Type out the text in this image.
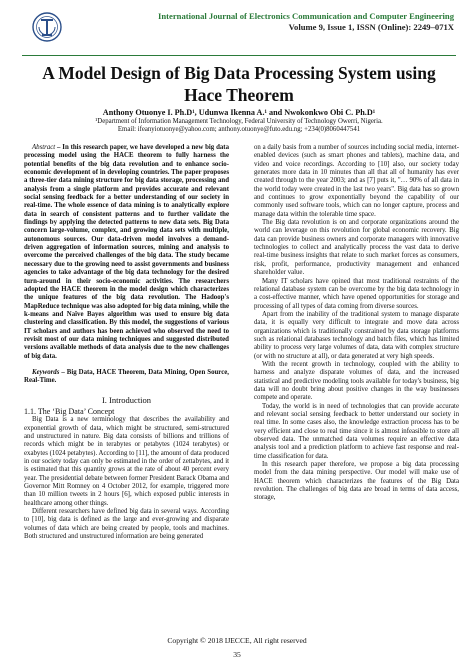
International Journal of Electronics Communication and Computer Engineering
Volume 9, Issue 1, ISSN (Online): 2249–071X
A Model Design of Big Data Processing System using Hace Theorem
Anthony Otuonye I. Ph.D¹, Udunwa Ikenna A.¹ and Nwokonkwo Obi C. Ph.D¹
¹Department of Information Management Technology, Federal University of Technology Owerri, Nigeria.
Email: ifeanyiotuonye@yahoo.com; anthony.otuonye@futo.edu.ng; +234(0)8060447541

Abstract – In this research paper, we have developed a new big data processing model using the HACE theorem to fully harness the potential benefits of the big data revolution and to enhance socio-economic development of in developing countries. The paper proposes a three-tier data mining structure for big data storage, processing and analysis from a single platform and provides accurate and relevant social sensing feedback for a better understanding of our society in real-time. The whole essence of data mining is to analytically explore data in search of consistent patterns and to further validate the findings by applying the detected patterns to new data sets. Big Data concern large-volume, complex, and growing data sets with multiple, autonomous sources. Our data-driven model involves a demand-driven aggregation of information sources, mining and analysis to overcome the perceived challenges of the big data. The study became necessary due to the growing need to assist governments and business agencies to take advantage of the big data technology for the desired turn-around in their socio-economic activities. The researchers adopted the HACE theorem in the model design which characterizes the unique features of the big data revolution. The Hadoop's MapReduce technique was also adopted for big data mining, while the k-means and Naïve Bayes algorithm was used to ensure big data clustering and classification. By this model, the suggestions of various IT scholars and authors has been achieved who observed the need to revisit most of our data mining techniques and suggested distributed versions available methods of data analysis due to the new challenges of big data.

Keywords – Big Data, HACE Theorem, Data Mining, Open Source, Real-Time.

I. Introduction

1.1. The ‘Big Data’ Concept

Big Data is a new terminology that describes the availability and exponential growth of data, which might be structured, semi-structured and unstructured in nature. Big data consists of billions and trillions of records which might be in terabytes or petabytes (1024 terabytes) or exabytes (1024 petabytes). According to [11], the amount of data produced in our society today can only be estimated in the order of zettabytes, and it is estimated that this quantity grows at the rate of about 40 percent every year. The presidential debate between former President Barack Obama and Governor Mitt Romney on 4 October 2012, for example, triggered more than 10 million tweets in 2 hours [6], which exposed public interests in healthcare among other things.

Different researchers have defined big data in several ways. According to [10], big data is defined as the large and ever-growing and disparate volumes of data which are being created by people, tools and machines. Both structured and unstructured information are being generated

on a daily basis from a number of sources including social media, internet-enabled devices (such as smart phones and tablets), machine data, and video and voice recordings. According to [10] also, our society today generates more data in 10 minutes than all that all of humanity has ever created through to the year 2003; and as [7] puts it, "… 90% of all data in the world today were created in the last two years". Big data has so grown and continues to grow exponentially beyond the capability of our commonly used software tools, which can no longer capture, process and manage data within the tolerable time space.

The Big data revolution is on and corporate organizations around the world can leverage on this revolution for global economic recovery. Big data can provide business owners and corporate managers with innovative technologies to collect and analytically process the vast data to derive real-time business insights that relate to such market forces as consumers, risk, profit, performance, productivity management and enhanced shareholder value.

Many IT scholars have opined that most traditional restraints of the relational database system can be overcome by the big data technology in a cost-effective manner, which have opened opportunities for storage and processing of all types of data coming from diverse sources.

Apart from the inability of the traditional system to manage disparate data, it is equally very difficult to integrate and move data across organizations which is traditionally constrained by data storage platforms such as relational databases technology and batch files, which has limited ability to process very large volumes of data, data with complex structure (or with no structure at all), or data generated at very high speeds.

With the recent growth in technology, coupled with the ability to harness and analyze disparate volumes of data, and the increased statistical and predictive modeling tools available for today's business, big data will no doubt bring about positive changes in the way businesses compete and operate.

Today, the world is in need of technologies that can provide accurate and relevant social sensing feedback to better understand our society in real time. In some cases also, the knowledge extraction process has to be very efficient and close to real time since it is almost infeasible to store all observed data. The unmatched data volumes require an effective data analysis tool and a prediction platform to achieve fast response and real-time classification for data.

In this research paper therefore, we propose a big data processing model from the data mining perspective. Our model will make use of HACE theorem which characterizes the features of the Big Data revolution. The challenges of big data are broad in terms of data access, storage,

Copyright © 2018 IJECCE, All right reserved
35
